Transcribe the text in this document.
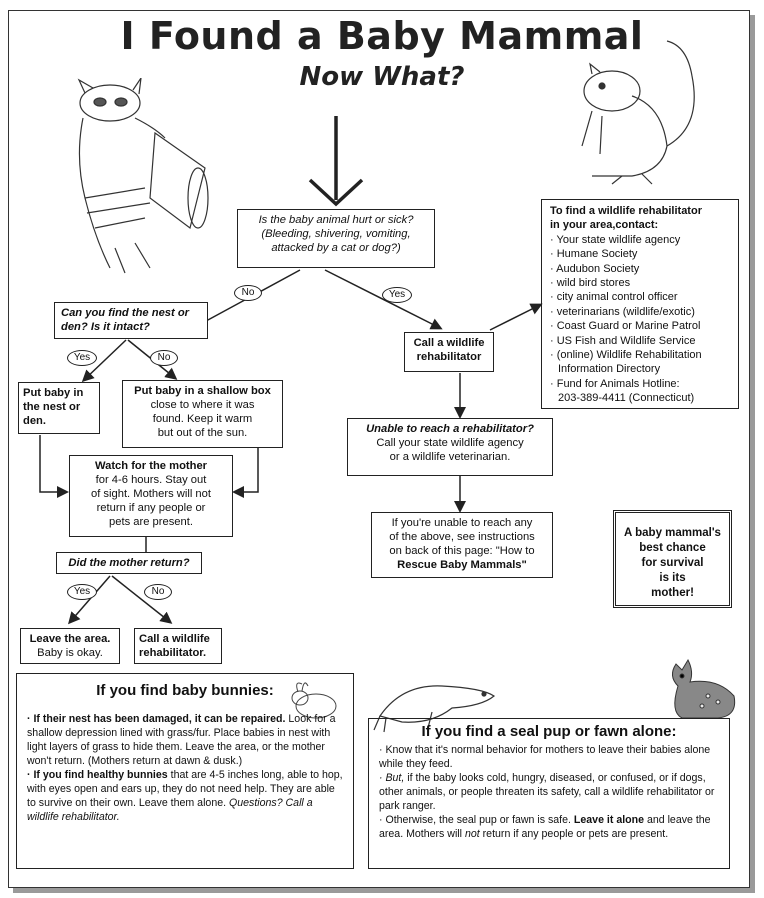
I Found a Baby Mammal
Now What?
Is the baby animal hurt or sick?
(Bleeding, shivering, vomiting,
attacked by a cat or dog?)
No	Yes
Can you find the nest or
den? Is it intact?
Yes	No
Put baby in
the nest or
den.
Put baby in a shallow box
close to where it was
found. Keep it warm
but out of the sun.
Watch for the mother
for 4-6 hours. Stay out
of sight. Mothers will not
return if any people or
pets are present.
Did the mother return?
Yes	No
Leave the area.
Baby is okay.
Call a wildlife
rehabilitator.
Call a wildlife
rehabilitator
Unable to reach a rehabilitator?
Call your state wildlife agency
or a wildlife veterinarian.
If you're unable to reach any
of the above, see instructions
on back of this page: "How to
Rescue Baby Mammals"
To find a wildlife rehabilitator
in your area,contact:
· Your state wildlife agency
· Humane Society
· Audubon Society
· wild bird stores
· city animal control officer
· veterinarians (wildlife/exotic)
· Coast Guard or Marine Patrol
· US Fish and Wildlife Service
· (online) Wildlife Rehabilitation
Information Directory
· Fund for Animals Hotline:
203-389-4411 (Connecticut)
A baby mammal's
best chance
for survival
is its
mother!
If you find baby bunnies:
· If their nest has been damaged, it can be repaired. Look for a shallow depression lined with grass/fur. Place babies in nest with light layers of grass to hide them. Leave the area, or the mother won't return. (Mothers return at dawn & dusk.)
· If you find healthy bunnies that are 4-5 inches long, able to hop, with eyes open and ears up, they do not need help. They are able to survive on their own. Leave them alone. Questions? Call a wildlife rehabilitator.
If you find a seal pup or fawn alone:
· Know that it's normal behavior for mothers to leave their babies alone while they feed.
· But, if the baby looks cold, hungry, diseased, or confused, or if dogs, other animals, or people threaten its safety, call a wildlife rehabilitator or park ranger.
· Otherwise, the seal pup or fawn is safe. Leave it alone and leave the area. Mothers will not return if any people or pets are present.
